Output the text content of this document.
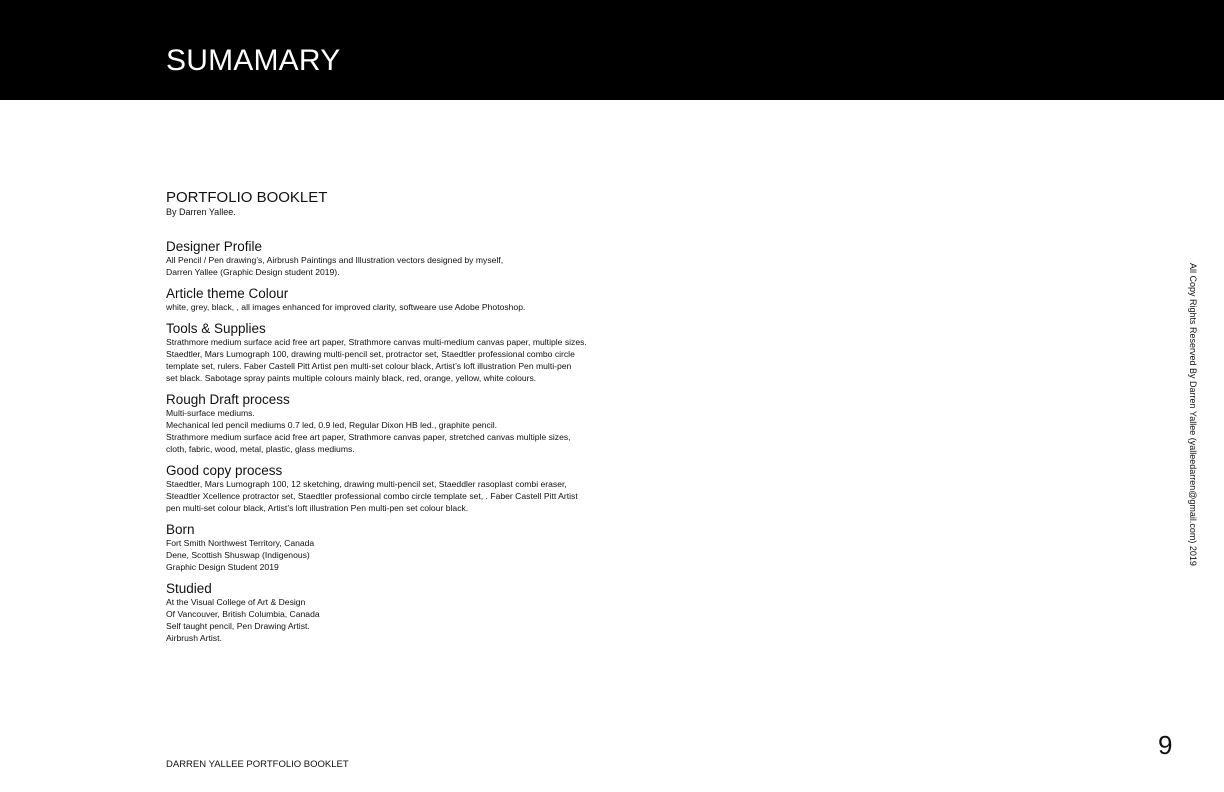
SUMAMARY

PORTFOLIO BOOKLET

By Darren Yallee.

Designer Profile

All Pencil / Pen drawing’s, Airbrush Paintings and Illustration vectors designed by myself,

Darren Yallee (Graphic Design student 2019).

Article theme Colour

white, grey, black, , all images enhanced for improved clarity, softweare use Adobe Photoshop.

Tools & Supplies

Strathmore medium surface acid free art paper, Strathmore canvas multi-medium canvas paper, multiple sizes.

Staedtler, Mars Lumograph 100, drawing multi-pencil set, protractor set, Staedtler professional combo circle

template set, rulers. Faber Castell Pitt Artist pen multi-set colour black, Artist’s loft illustration Pen multi-pen

set black. Sabotage spray paints multiple colours mainly black, red, orange, yellow, white colours.

Rough Draft process

Multi-surface mediums.

Mechanical led pencil mediums 0.7 led, 0.9 led, Regular Dixon HB led., graphite pencil.

Strathmore medium surface acid free art paper, Strathmore canvas paper, stretched canvas multiple sizes,

cloth, fabric, wood, metal, plastic, glass mediums.

Good copy process

Staedtler, Mars Lumograph 100, 12 sketching, drawing multi-pencil set, Staeddler rasoplast combi eraser,

Steadtler Xcellence protractor set, Staedtler professional combo circle template set, . Faber Castell Pitt Artist

pen multi-set colour black, Artist’s loft illustration Pen multi-pen set colour black.

Born

Fort Smith Northwest Territory, Canada

Dene, Scottish Shuswap (Indigenous)

Graphic Design Student 2019

Studied

At the Visual College of Art & Design

Of Vancouver, British Columbia, Canada

Self taught pencil, Pen Drawing Artist.

Airbrush Artist.

DARREN YALLEE PORTFOLIO BOOKLET
9
All Copy Rights Reserved By Darren Yallee (yalleedarren@gmail.com) 2019
